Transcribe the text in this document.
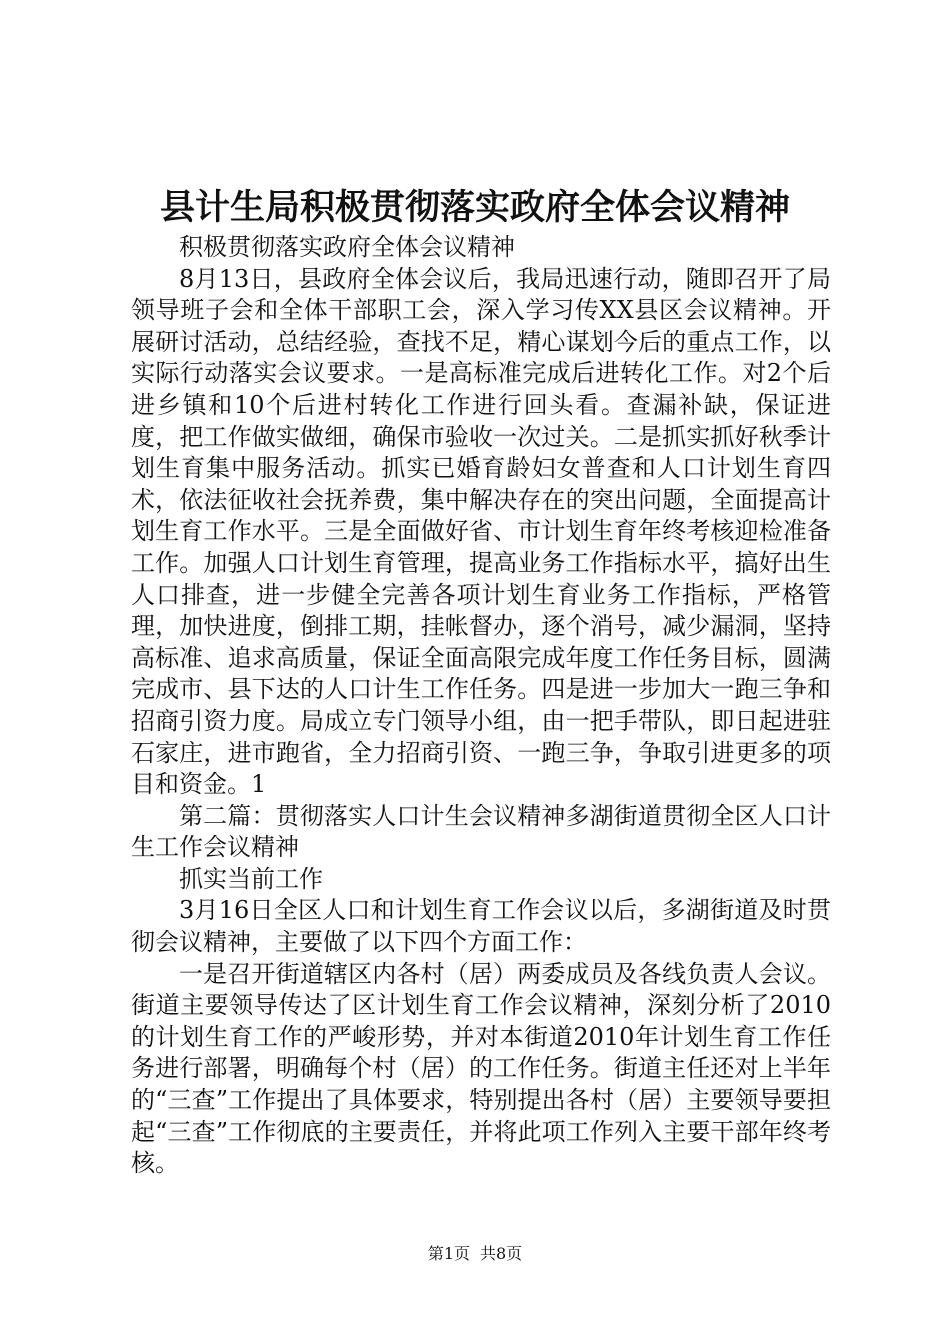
县计生局积极贯彻落实政府全体会议精神

积极贯彻落实政府全体会议精神

8月13日，县政府全体会议后，我局迅速行动，随即召开了局领导班子会和全体干部职工会，深入学习传XX县区会议精神。开展研讨活动，总结经验，查找不足，精心谋划今后的重点工作，以实际行动落实会议要求。一是高标准完成后进转化工作。对2个后进乡镇和10个后进村转化工作进行回头看。查漏补缺，保证进度，把工作做实做细，确保市验收一次过关。二是抓实抓好秋季计划生育集中服务活动。抓实已婚育龄妇女普查和人口计划生育四术，依法征收社会抚养费，集中解决存在的突出问题，全面提高计划生育工作水平。三是全面做好省、市计划生育年终考核迎检准备工作。加强人口计划生育管理，提高业务工作指标水平，搞好出生人口排查，进一步健全完善各项计划生育业务工作指标，严格管理，加快进度，倒排工期，挂帐督办，逐个消号，减少漏洞，坚持高标准、追求高质量，保证全面高限完成年度工作任务目标，圆满完成市、县下达的人口计生工作任务。四是进一步加大一跑三争和招商引资力度。局成立专门领导小组，由一把手带队，即日起进驻石家庄，进市跑省，全力招商引资、一跑三争，争取引进更多的项目和资金。1

第二篇：贯彻落实人口计生会议精神多湖街道贯彻全区人口计生工作会议精神

抓实当前工作

3月16日全区人口和计划生育工作会议以后，多湖街道及时贯彻会议精神，主要做了以下四个方面工作：

一是召开街道辖区内各村（居）两委成员及各线负责人会议。街道主要领导传达了区计划生育工作会议精神，深刻分析了2010的计划生育工作的严峻形势，并对本街道2010年计划生育工作任务进行部署，明确每个村（居）的工作任务。街道主任还对上半年的“三查”工作提出了具体要求，特别提出各村（居）主要领导要担起“三查”工作彻底的主要责任，并将此项工作列入主要干部年终考核。

第1页 共8页
